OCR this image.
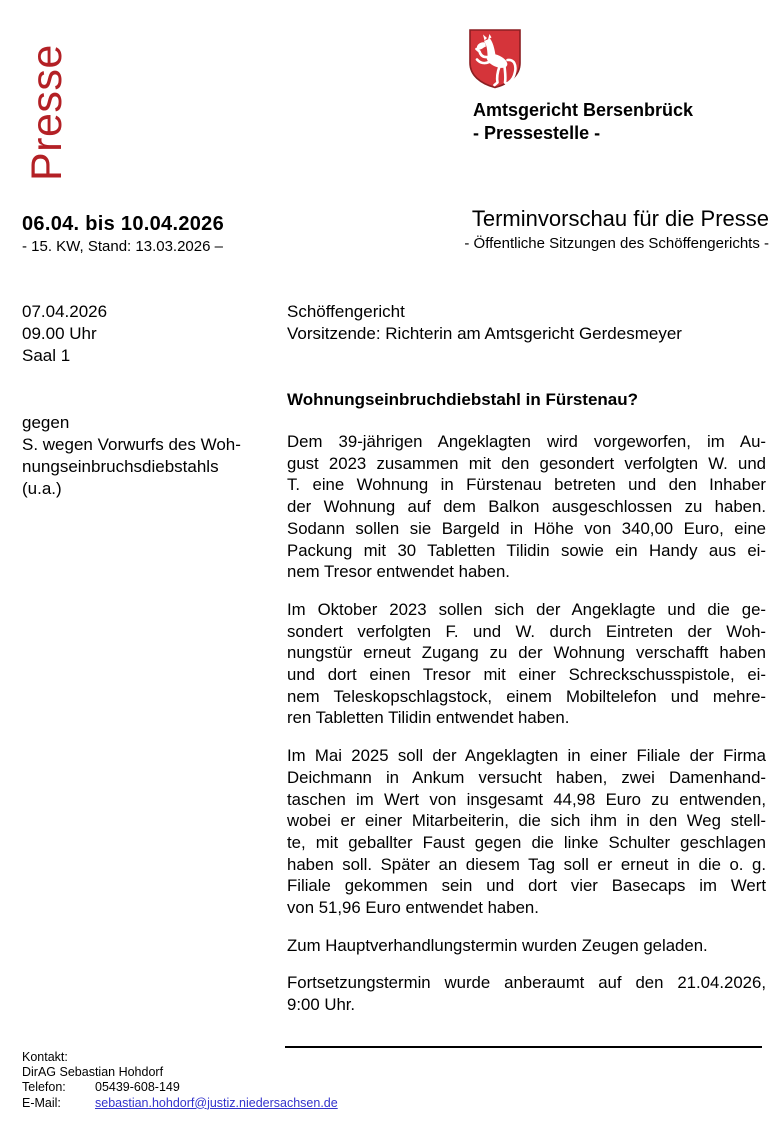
Presse	Amtsgericht Bersenbrück
- Pressestelle -
06.04. bis 10.04.2026
- 15. KW, Stand: 13.03.2026 –
Terminvorschau für die Presse
- Öffentliche Sitzungen des Schöffengerichts -
07.04.2026
09.00 Uhr
Saal 1
gegen
S. wegen Vorwurfs des Woh-
nungseinbruchsdiebstahls
(u.a.)
Schöffengericht
Vorsitzende: Richterin am Amtsgericht Gerdesmeyer
Wohnungseinbruchdiebstahl in Fürstenau?
Dem 39-jährigen Angeklagten wird vorgeworfen, im Au-
gust 2023 zusammen mit den gesondert verfolgten W. und
T. eine Wohnung in Fürstenau betreten und den Inhaber
der Wohnung auf dem Balkon ausgeschlossen zu haben.
Sodann sollen sie Bargeld in Höhe von 340,00 Euro, eine
Packung mit 30 Tabletten Tilidin sowie ein Handy aus ei-
nem Tresor entwendet haben.
Im Oktober 2023 sollen sich der Angeklagte und die ge-
sondert verfolgten F. und W. durch Eintreten der Woh-
nungstür erneut Zugang zu der Wohnung verschafft haben
und dort einen Tresor mit einer Schreckschusspistole, ei-
nem Teleskopschlagstock, einem Mobiltelefon und mehre-
ren Tabletten Tilidin entwendet haben.
Im Mai 2025 soll der Angeklagten in einer Filiale der Firma
Deichmann in Ankum versucht haben, zwei Damenhand-
taschen im Wert von insgesamt 44,98 Euro zu entwenden,
wobei er einer Mitarbeiterin, die sich ihm in den Weg stell-
te, mit geballter Faust gegen die linke Schulter geschlagen
haben soll. Später an diesem Tag soll er erneut in die o. g.
Filiale gekommen sein und dort vier Basecaps im Wert
von 51,96 Euro entwendet haben.
Zum Hauptverhandlungstermin wurden Zeugen geladen.
Fortsetzungstermin wurde anberaumt auf den 21.04.2026,
9:00 Uhr.
Kontakt:
DirAG Sebastian Hohdorf
Telefon:	05439-608-149
E-Mail:	sebastian.hohdorf@justiz.niedersachsen.de
